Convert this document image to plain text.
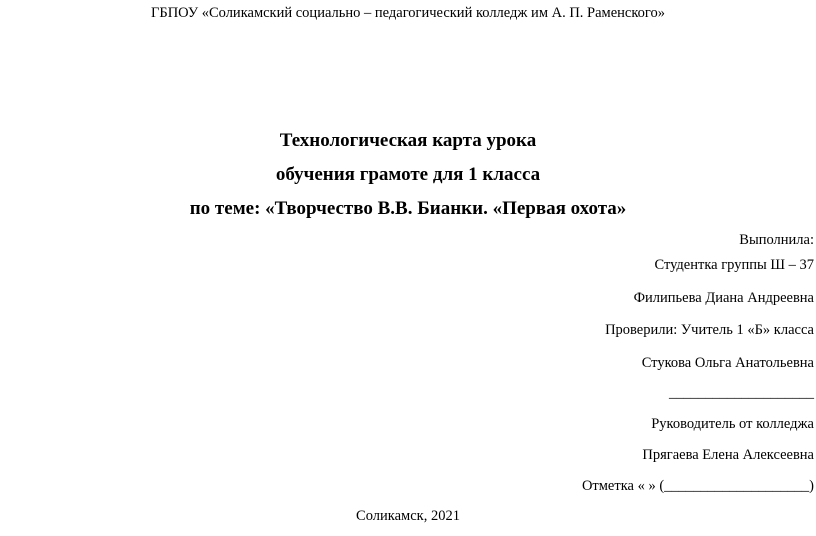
ГБПОУ «Соликамский социально – педагогический колледж им А. П. Раменского»
Технологическая карта урока
обучения грамоте для 1 класса
по теме: «Творчество В.В. Бианки. «Первая охота»
Выполнила:
Студентка группы Ш – 37
Филипьева Диана Андреевна
Проверили: Учитель 1 «Б» класса
Стукова Ольга Анатольевна
____________________
Руководитель от колледжа
Прягаева Елена Алексеевна
Отметка « » (____________________)
Соликамск, 2021
